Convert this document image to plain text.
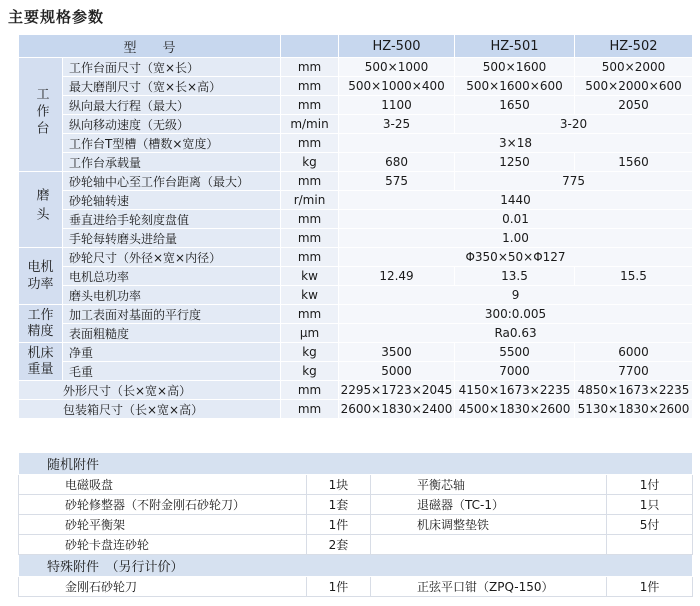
主要规格参数
型　　号			HZ-500	HZ-501	HZ-502
工作台	工作台面尺寸（宽×长）	mm	500×1000	500×1600	500×2000
	最大磨削尺寸（宽×长×高）	mm	500×1000×400	500×1600×600	500×2000×600
	纵向最大行程（最大）	mm	1100	1650	2050
	纵向移动速度（无级）	m/min	3-25	3-20	
	工作台T型槽（槽数×宽度）	mm	3×18		
	工作台承载量	kg	680	1250	1560
磨头	砂轮轴中心至工作台距离（最大）	mm	575	775	
	砂轮轴转速	r/min	1440		
	垂直进给手轮刻度盘值	mm	0.01		
	手轮每转磨头进给量	mm	1.00		

电机功率	砂轮尺寸（外径×宽×内径）	mm	Φ350×50×Φ127		
	电机总功率	kw	12.49	13.5	15.5
	磨头电机功率	kw	9		

工作精度	加工表面对基面的平行度	mm	300:0.005		
	表面粗糙度	μm	Ra0.63		

机床重量	净重	kg	3500	5500	6000
	毛重	kg	5000	7000	7700
外形尺寸（长×宽×高）		mm	2295×1723×2045	4150×1673×2235	4850×1673×2235
包装箱尺寸（长×宽×高）		mm	2600×1830×2400	4500×1830×2600	5130×1830×2600
随机附件			
电磁吸盘	1块	平衡芯轴	1付
砂轮修整器（不附金刚石砂轮刀）	1套	退磁器（TC-1）	1只
砂轮平衡架	1件	机床调整垫铁	5付
砂轮卡盘连砂轮	2套		
特殊附件　（另行计价）			
金刚石砂轮刀	1件	正弦平口钳（ZPQ-150）	1件
